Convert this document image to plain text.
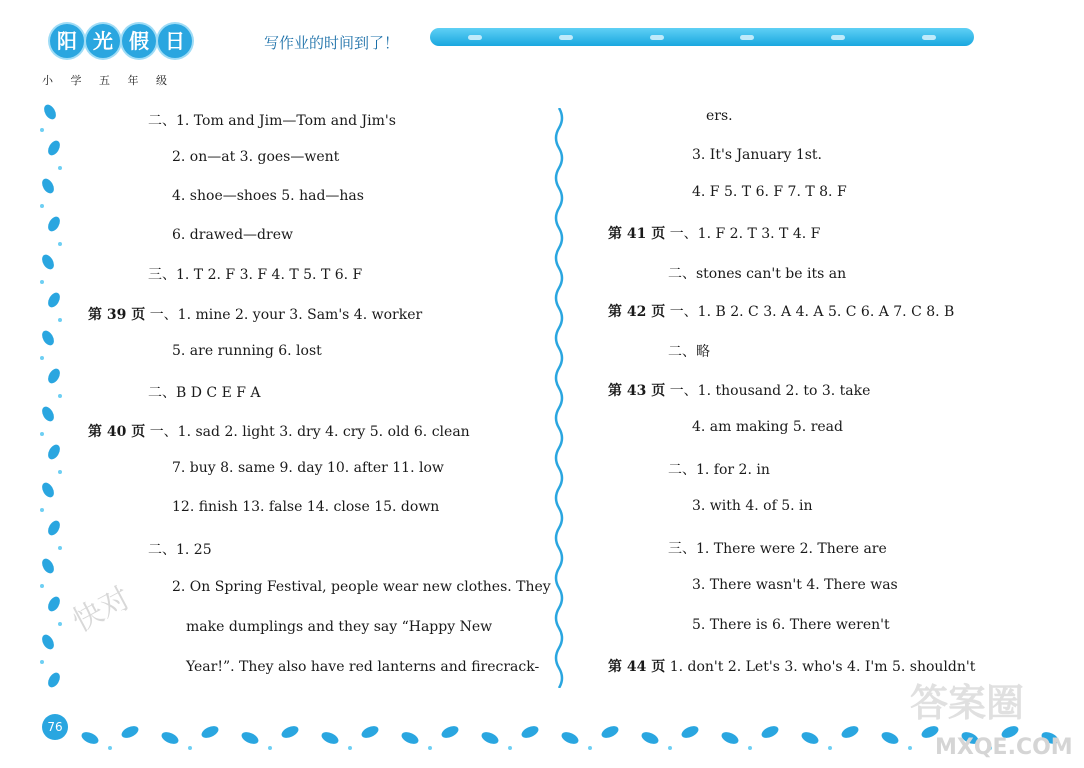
阳 光 假 日
小 学 五 年 级
写作业的时间到了！
76
二、1. Tom and Jim—Tom and Jim's
2. on—at 3. goes—went
4. shoe—shoes 5. had—has
6. drawed—drew
三、1. T 2. F 3. F 4. T 5. T 6. F
第 39 页 一、1. mine 2. your 3. Sam's 4. worker
5. are running 6. lost
二、B D C E F A
第 40 页 一、1. sad 2. light 3. dry 4. cry 5. old 6. clean
7. buy 8. same 9. day 10. after 11. low
12. finish 13. false 14. close 15. down
二、1. 25
2. On Spring Festival, people wear new clothes. They
make dumplings and they say “Happy New
Year!”. They also have red lanterns and firecrack-
ers.
3. It's January 1st.
4. F 5. T 6. F 7. T 8. F
第 41 页 一、1. F 2. T 3. T 4. F
二、stones can't be its an
第 42 页 一、1. B 2. C 3. A 4. A 5. C 6. A 7. C 8. B
二、略
第 43 页 一、1. thousand 2. to 3. take
4. am making 5. read
二、1. for 2. in
3. with 4. of 5. in
三、1. There were 2. There are
3. There wasn't 4. There was
5. There is 6. There weren't
第 44 页 1. don't 2. Let's 3. who's 4. I'm 5. shouldn't
快对
答案圈
MXQE.COM
